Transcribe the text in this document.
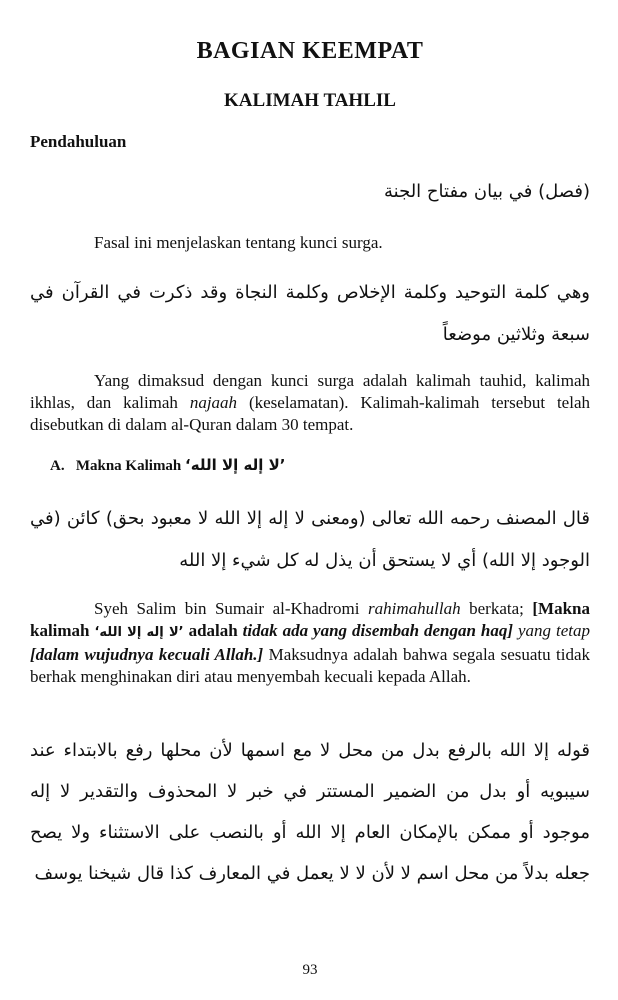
BAGIAN KEEMPAT
KALIMAH TAHLIL
Pendahuluan
(فصل) في بيان مفتاح الجنة
Fasal ini menjelaskan tentang kunci surga.
وهي كلمة التوحيد وكلمة الإخلاص وكلمة النجاة وقد ذكرت في القرآن في سبعة وثلاثين موضعاً
Yang dimaksud dengan kunci surga adalah kalimah tauhid, kalimah ikhlas, dan kalimah najaah (keselamatan). Kalimah-kalimah tersebut telah disebutkan di dalam al-Quran dalam 30 tempat.
A. Makna Kalimah ‘لا إله إلا الله’
قال المصنف رحمه الله تعالى (ومعنى لا إله إلا الله لا معبود بحق) كائن (في الوجود إلا الله) أي لا يستحق أن يذل له كل شيء إلا الله
Syeh Salim bin Sumair al-Khadromi rahimahullah berkata; [Makna kalimah ‘لا إله إلا الله’ adalah tidak ada yang disembah dengan haq] yang tetap [dalam wujudnya kecuali Allah.] Maksudnya adalah bahwa segala sesuatu tidak berhak menghinakan diri atau menyembah kecuali kepada Allah.
قوله إلا الله بالرفع بدل من محل لا مع اسمها لأن محلها رفع بالابتداء عند سيبويه أو بدل من الضمير المستتر في خبر لا المحذوف والتقدير لا إله موجود أو ممكن بالإمكان العام إلا الله أو بالنصب على الاستثناء ولا يصح جعله بدلاً من محل اسم لا لأن لا لا يعمل في المعارف كذا قال شيخنا يوسف
93
